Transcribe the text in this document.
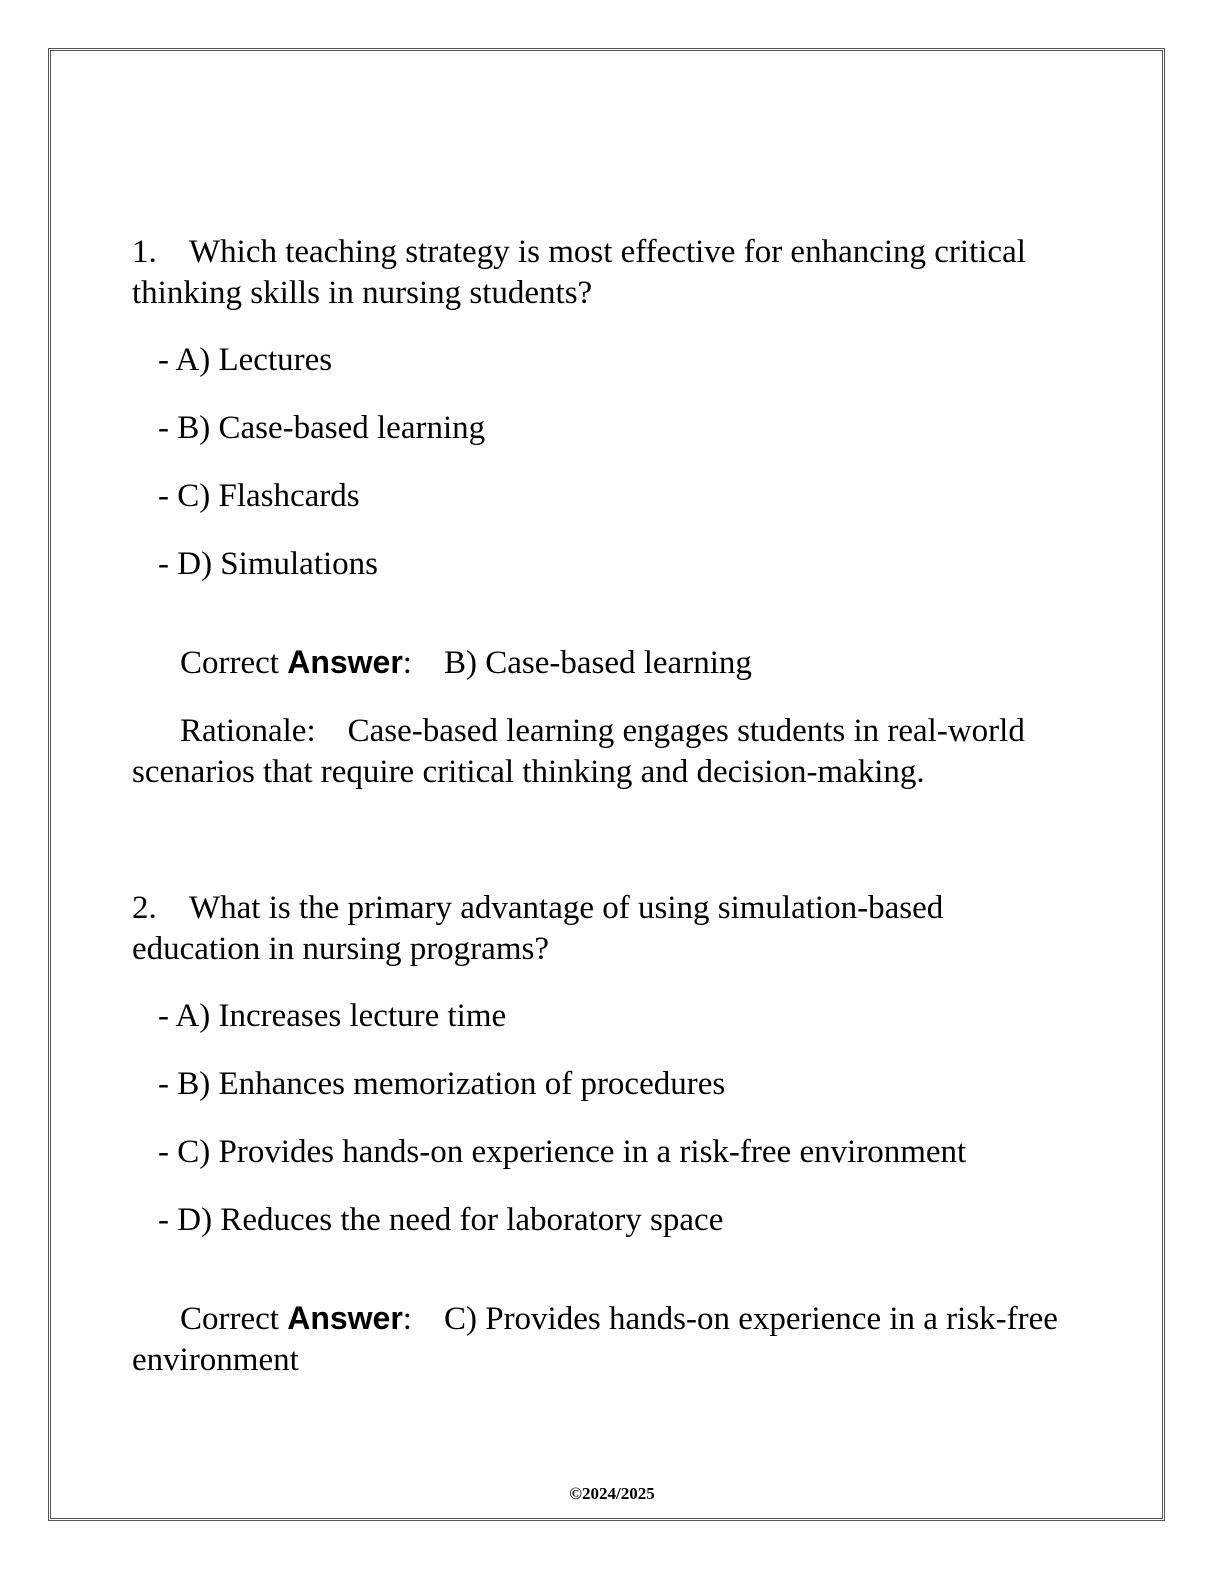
1. Which teaching strategy is most effective for enhancing critical thinking skills in nursing students?

- A) Lectures
- B) Case-based learning
- C) Flashcards
- D) Simulations

Correct Answer: B) Case-based learning

Rationale: Case-based learning engages students in real-world scenarios that require critical thinking and decision-making.

2. What is the primary advantage of using simulation-based education in nursing programs?

- A) Increases lecture time
- B) Enhances memorization of procedures
- C) Provides hands-on experience in a risk-free environment
- D) Reduces the need for laboratory space

Correct Answer: C) Provides hands-on experience in a risk-free environment

©2024/2025
